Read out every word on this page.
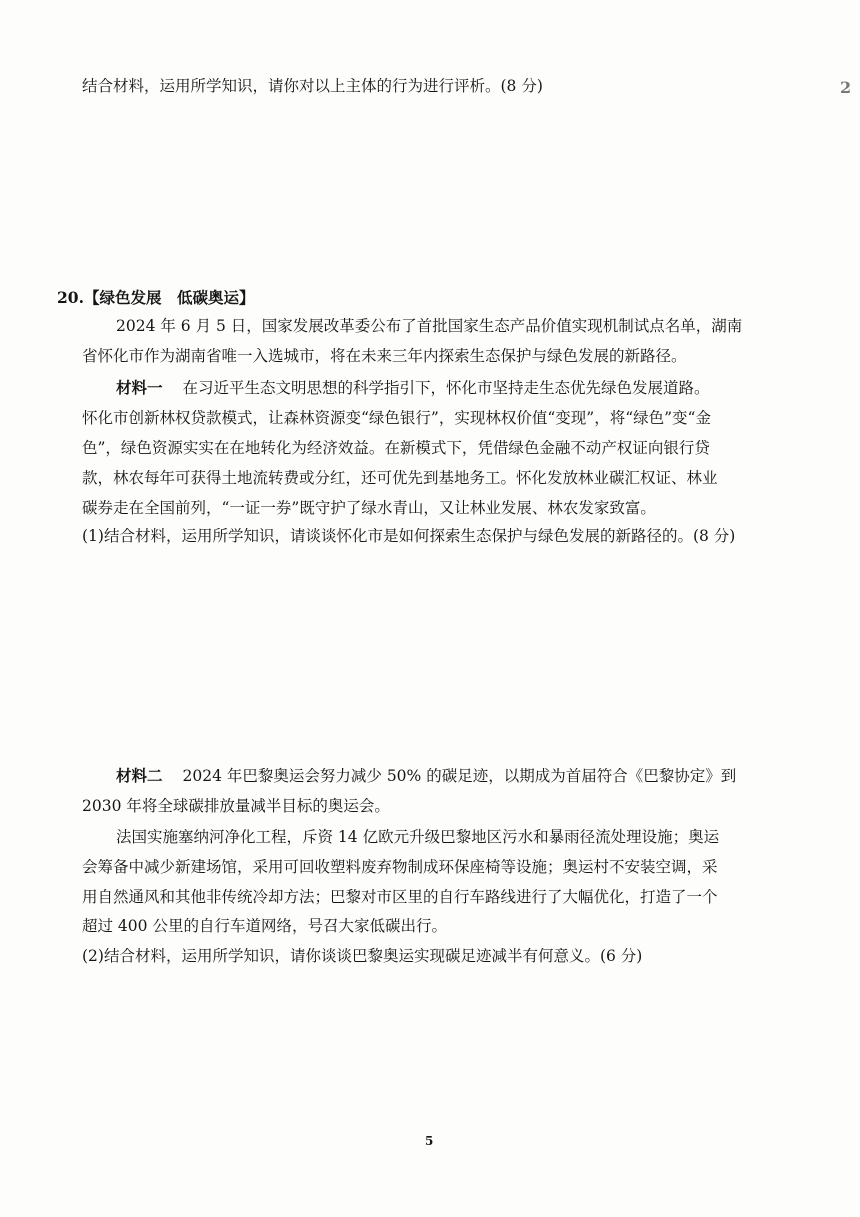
2
结合材料，运用所学知识，请你对以上主体的行为进行评析。(8 分)
20.【绿色发展　低碳奥运】
2024 年 6 月 5 日，国家发展改革委公布了首批国家生态产品价值实现机制试点名单，湖南
省怀化市作为湖南省唯一入选城市，将在未来三年内探索生态保护与绿色发展的新路径。
材料一 在习近平生态文明思想的科学指引下，怀化市坚持走生态优先绿色发展道路。
怀化市创新林权贷款模式，让森林资源变“绿色银行”，实现林权价值“变现”，将“绿色”变“金
色”，绿色资源实实在在地转化为经济效益。在新模式下，凭借绿色金融不动产权证向银行贷
款，林农每年可获得土地流转费或分红，还可优先到基地务工。怀化发放林业碳汇权证、林业
碳券走在全国前列，“一证一券”既守护了绿水青山，又让林业发展、林农发家致富。
(1)结合材料，运用所学知识，请谈谈怀化市是如何探索生态保护与绿色发展的新路径的。(8 分)
材料二 2024 年巴黎奥运会努力减少 50% 的碳足迹，以期成为首届符合《巴黎协定》到
2030 年将全球碳排放量减半目标的奥运会。
法国实施塞纳河净化工程，斥资 14 亿欧元升级巴黎地区污水和暴雨径流处理设施；奥运
会筹备中减少新建场馆，采用可回收塑料废弃物制成环保座椅等设施；奥运村不安装空调，采
用自然通风和其他非传统冷却方法；巴黎对市区里的自行车路线进行了大幅优化，打造了一个
超过 400 公里的自行车道网络，号召大家低碳出行。
(2)结合材料，运用所学知识，请你谈谈巴黎奥运实现碳足迹减半有何意义。(6 分)
5
